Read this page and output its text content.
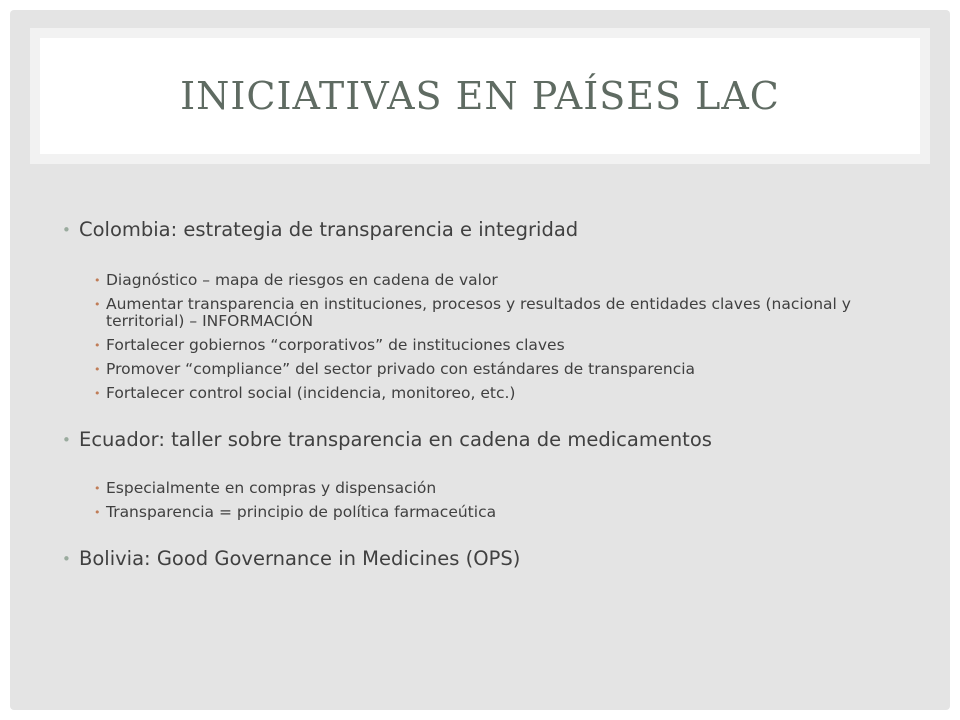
INICIATIVAS EN PAÍSES LAC
• Colombia: estrategia de transparencia e integridad
• Diagnóstico – mapa de riesgos en cadena de valor
• Aumentar transparencia en instituciones, procesos y resultados de entidades claves (nacional y territorial) – INFORMACIÓN
• Fortalecer gobiernos “corporativos” de instituciones claves
• Promover “compliance” del sector privado con estándares de transparencia
• Fortalecer control social (incidencia, monitoreo, etc.)
• Ecuador: taller sobre transparencia en cadena de medicamentos
• Especialmente en compras y dispensación
• Transparencia = principio de política farmaceútica
• Bolivia: Good Governance in Medicines (OPS)
